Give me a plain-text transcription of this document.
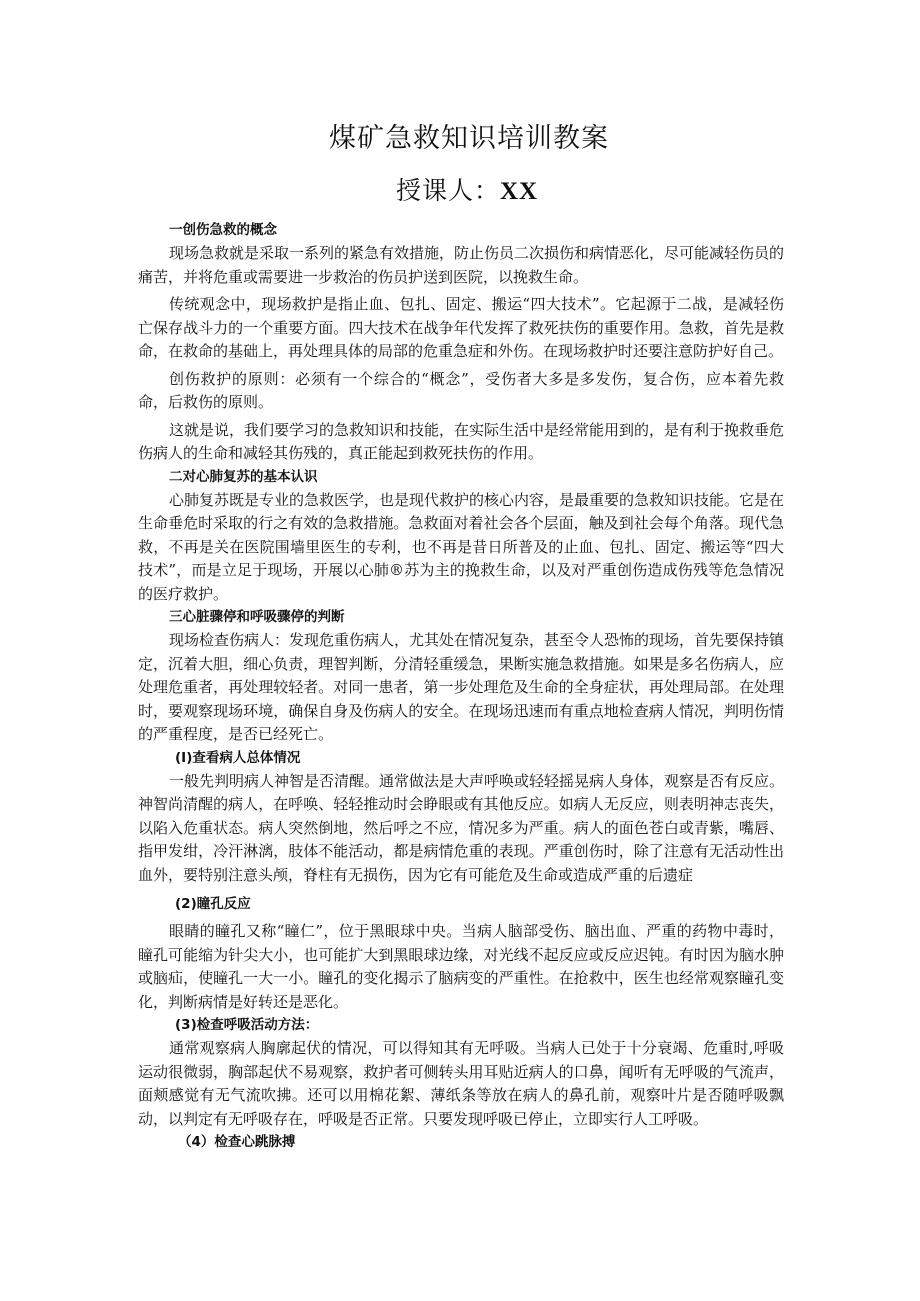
煤矿急救知识培训教案

授课人：XX

一创伤急救的概念

现场急救就是采取一系列的紧急有效措施，防止伤员二次损伤和病情恶化，尽可能减轻伤员的痛苦，并将危重或需要进一步救治的伤员护送到医院，以挽救生命。

传统观念中，现场救护是指止血、包扎、固定、搬运“四大技术”。它起源于二战，是减轻伤亡保存战斗力的一个重要方面。四大技术在战争年代发挥了救死扶伤的重要作用。急救，首先是救命，在救命的基础上，再处理具体的局部的危重急症和外伤。在现场救护时还要注意防护好自己。

创伤救护的原则：必须有一个综合的“概念”，受伤者大多是多发伤，复合伤，应本着先救命，后救伤的原则。

这就是说，我们要学习的急救知识和技能，在实际生活中是经常能用到的，是有利于挽救垂危伤病人的生命和减轻其伤残的，真正能起到救死扶伤的作用。

二对心肺复苏的基本认识

心肺复苏既是专业的急救医学，也是现代救护的核心内容，是最重要的急救知识技能。它是在生命垂危时采取的行之有效的急救措施。急救面对着社会各个层面，触及到社会每个角落。现代急救，不再是关在医院围墙里医生的专利，也不再是昔日所普及的止血、包扎、固定、搬运等“四大技术”，而是立足于现场，开展以心肺®苏为主的挽救生命，以及对严重创伤造成伤残等危急情况的医疗救护。

三心脏骤停和呼吸骤停的判断

现场检查伤病人：发现危重伤病人，尤其处在情况复杂，甚至令人恐怖的现场，首先要保持镇定，沉着大胆，细心负责，理智判断，分清轻重缓急，果断实施急救措施。如果是多名伤病人，应处理危重者，再处理较轻者。对同一患者，第一步处理危及生命的全身症状，再处理局部。在处理时，要观察现场环境，确保自身及伤病人的安全。在现场迅速而有重点地检查病人情况，判明伤情的严重程度，是否已经死亡。

(I)查看病人总体情况

一般先判明病人神智是否清醒。通常做法是大声呼唤或轻轻摇晃病人身体，观察是否有反应。神智尚清醒的病人，在呼唤、轻轻推动时会睁眼或有其他反应。如病人无反应，则表明神志丧失，以陷入危重状态。病人突然倒地，然后呼之不应，情况多为严重。病人的面色苍白或青紫，嘴唇、指甲发绀，冷汗淋漓，肢体不能活动，都是病情危重的表现。严重创伤时，除了注意有无活动性出血外，要特别注意头颅，脊柱有无损伤，因为它有可能危及生命或造成严重的后遗症

(2)瞳孔反应

眼睛的瞳孔又称“瞳仁”，位于黑眼球中央。当病人脑部受伤、脑出血、严重的药物中毒时，瞳孔可能缩为针尖大小，也可能扩大到黑眼球边缘，对光线不起反应或反应迟钝。有时因为脑水肿或脑疝，使瞳孔一大一小。瞳孔的变化揭示了脑病变的严重性。在抢救中，医生也经常观察瞳孔变化，判断病情是好转还是恶化。

(3)检查呼吸活动方法：

通常观察病人胸廓起伏的情况，可以得知其有无呼吸。当病人已处于十分衰竭、危重时,呼吸运动很微弱，胸部起伏不易观察，救护者可侧转头用耳贴近病人的口鼻，闻听有无呼吸的气流声，面颊感觉有无气流吹拂。还可以用棉花絮、薄纸条等放在病人的鼻孔前，观察叶片是否随呼吸飘动，以判定有无呼吸存在，呼吸是否正常。只要发现呼吸已停止，立即实行人工呼吸。

（4）检查心跳脉搏
